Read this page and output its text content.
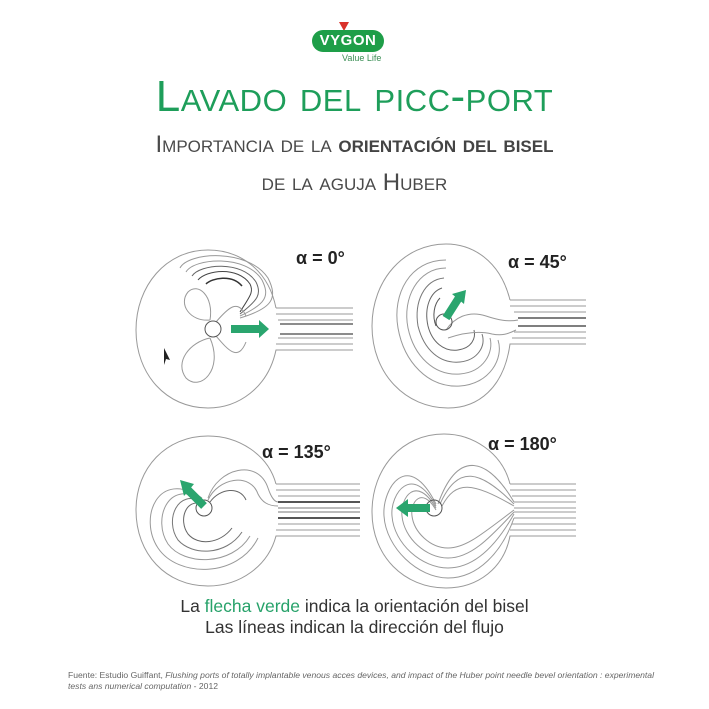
VYGON
Value Life
Lavado del picc-port
Importancia de la orientación del bisel
de la aguja Huber
α = 0°	α = 45°
α = 135°	α = 180°
La flecha verde indica la orientación del bisel
Las líneas indican la dirección del flujo
Fuente: Estudio Guiffant, Flushing ports of totally implantable venous acces devices, and impact of the Huber point needle bevel orientation : experimental tests ans numerical computation - 2012
